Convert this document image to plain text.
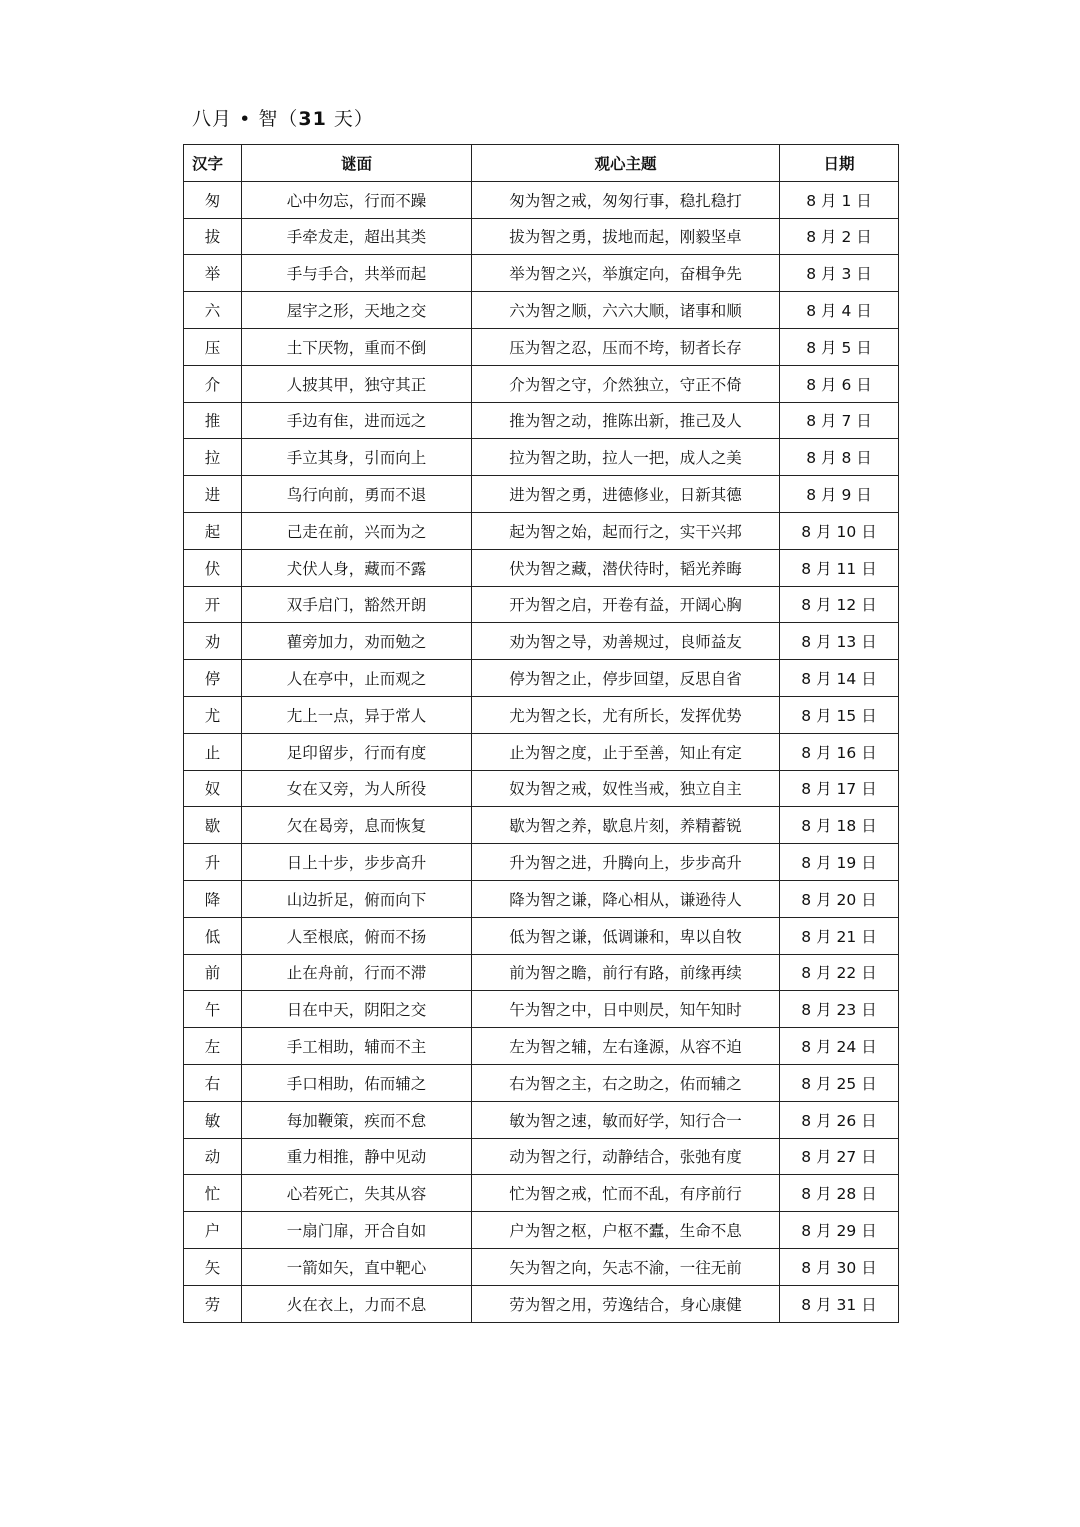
八月 • 智（31 天）
汉字	谜面	观心主题	日期
匆	心中勿忘，行而不躁	匆为智之戒，匆匆行事，稳扎稳打	8 月 1 日
拔	手牵犮走，超出其类	拔为智之勇，拔地而起，刚毅坚卓	8 月 2 日
举	手与手合，共举而起	举为智之兴，举旗定向，奋楫争先	8 月 3 日
六	屋宇之形，天地之交	六为智之顺，六六大顺，诸事和顺	8 月 4 日
压	土下厌物，重而不倒	压为智之忍，压而不垮，韧者长存	8 月 5 日
介	人披其甲，独守其正	介为智之守，介然独立，守正不倚	8 月 6 日
推	手边有隹，进而远之	推为智之动，推陈出新，推己及人	8 月 7 日
拉	手立其身，引而向上	拉为智之助，拉人一把，成人之美	8 月 8 日
进	鸟行向前，勇而不退	进为智之勇，进德修业，日新其德	8 月 9 日
起	己走在前，兴而为之	起为智之始，起而行之，实干兴邦	8 月 10 日
伏	犬伏人身，藏而不露	伏为智之藏，潜伏待时，韬光养晦	8 月 11 日
开	双手启门，豁然开朗	开为智之启，开卷有益，开阔心胸	8 月 12 日
劝	雚旁加力，劝而勉之	劝为智之导，劝善规过，良师益友	8 月 13 日
停	人在亭中，止而观之	停为智之止，停步回望，反思自省	8 月 14 日
尤	尢上一点，异于常人	尤为智之长，尤有所长，发挥优势	8 月 15 日
止	足印留步，行而有度	止为智之度，止于至善，知止有定	8 月 16 日
奴	女在又旁，为人所役	奴为智之戒，奴性当戒，独立自主	8 月 17 日
歇	欠在曷旁，息而恢复	歇为智之养，歇息片刻，养精蓄锐	8 月 18 日
升	日上十步，步步高升	升为智之进，升腾向上，步步高升	8 月 19 日
降	山边折足，俯而向下	降为智之谦，降心相从，谦逊待人	8 月 20 日
低	人至根底，俯而不扬	低为智之谦，低调谦和，卑以自牧	8 月 21 日
前	止在舟前，行而不滞	前为智之瞻，前行有路，前缘再续	8 月 22 日
午	日在中天，阴阳之交	午为智之中，日中则昃，知午知时	8 月 23 日
左	手工相助，辅而不主	左为智之辅，左右逢源，从容不迫	8 月 24 日
右	手口相助，佑而辅之	右为智之主，右之助之，佑而辅之	8 月 25 日
敏	每加鞭策，疾而不怠	敏为智之速，敏而好学，知行合一	8 月 26 日
动	重力相推，静中见动	动为智之行，动静结合，张弛有度	8 月 27 日
忙	心若死亡，失其从容	忙为智之戒，忙而不乱，有序前行	8 月 28 日
户	一扇门扉，开合自如	户为智之枢，户枢不蠹，生命不息	8 月 29 日
矢	一箭如矢，直中靶心	矢为智之向，矢志不渝，一往无前	8 月 30 日
劳	火在衣上，力而不息	劳为智之用，劳逸结合，身心康健	8 月 31 日
